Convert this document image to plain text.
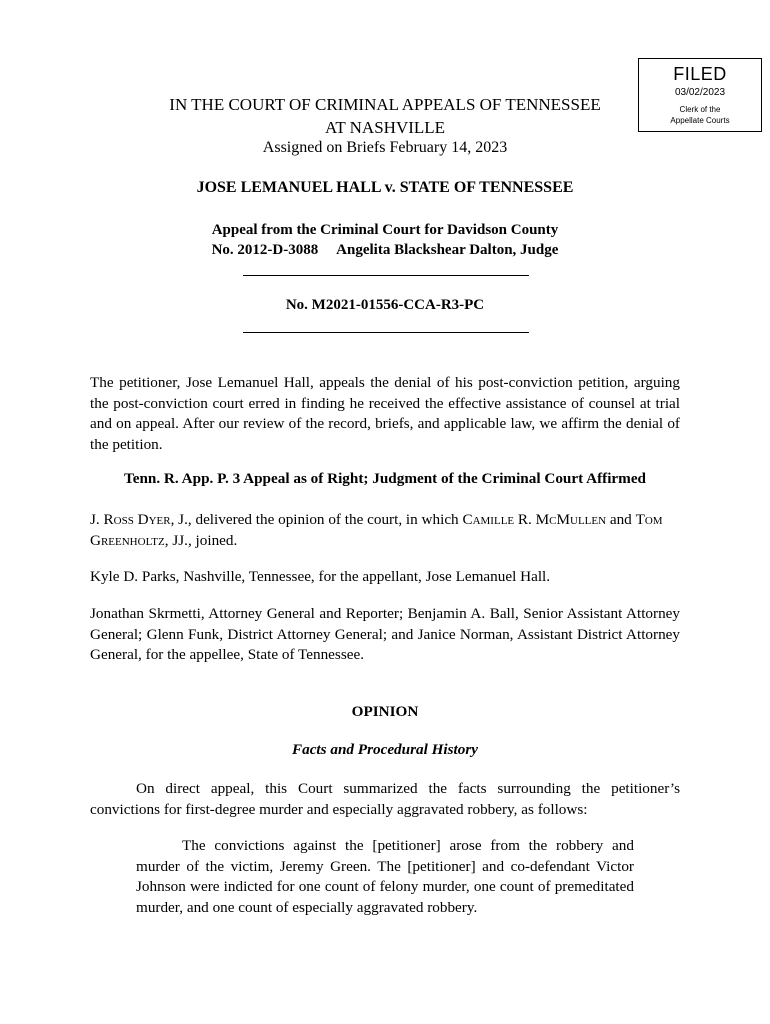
FILED
03/02/2023
Clerk of the
Appellate Courts
IN THE COURT OF CRIMINAL APPEALS OF TENNESSEE
AT NASHVILLE
Assigned on Briefs February 14, 2023
JOSE LEMANUEL HALL v. STATE OF TENNESSEE
Appeal from the Criminal Court for Davidson County
No. 2012-D-3088     Angelita Blackshear Dalton, Judge
No. M2021-01556-CCA-R3-PC
The petitioner, Jose Lemanuel Hall, appeals the denial of his post-conviction petition, arguing the post-conviction court erred in finding he received the effective assistance of counsel at trial and on appeal. After our review of the record, briefs, and applicable law, we affirm the denial of the petition.
Tenn. R. App. P. 3 Appeal as of Right; Judgment of the Criminal Court Affirmed
J. Ross Dyer, J., delivered the opinion of the court, in which Camille R. McMullen and Tom Greenholtz, JJ., joined.
Kyle D. Parks, Nashville, Tennessee, for the appellant, Jose Lemanuel Hall.
Jonathan Skrmetti, Attorney General and Reporter; Benjamin A. Ball, Senior Assistant Attorney General; Glenn Funk, District Attorney General; and Janice Norman, Assistant District Attorney General, for the appellee, State of Tennessee.
OPINION
Facts and Procedural History
On direct appeal, this Court summarized the facts surrounding the petitioner’s convictions for first-degree murder and especially aggravated robbery, as follows:
The convictions against the [petitioner] arose from the robbery and murder of the victim, Jeremy Green. The [petitioner] and co-defendant Victor Johnson were indicted for one count of felony murder, one count of premeditated murder, and one count of especially aggravated robbery.
